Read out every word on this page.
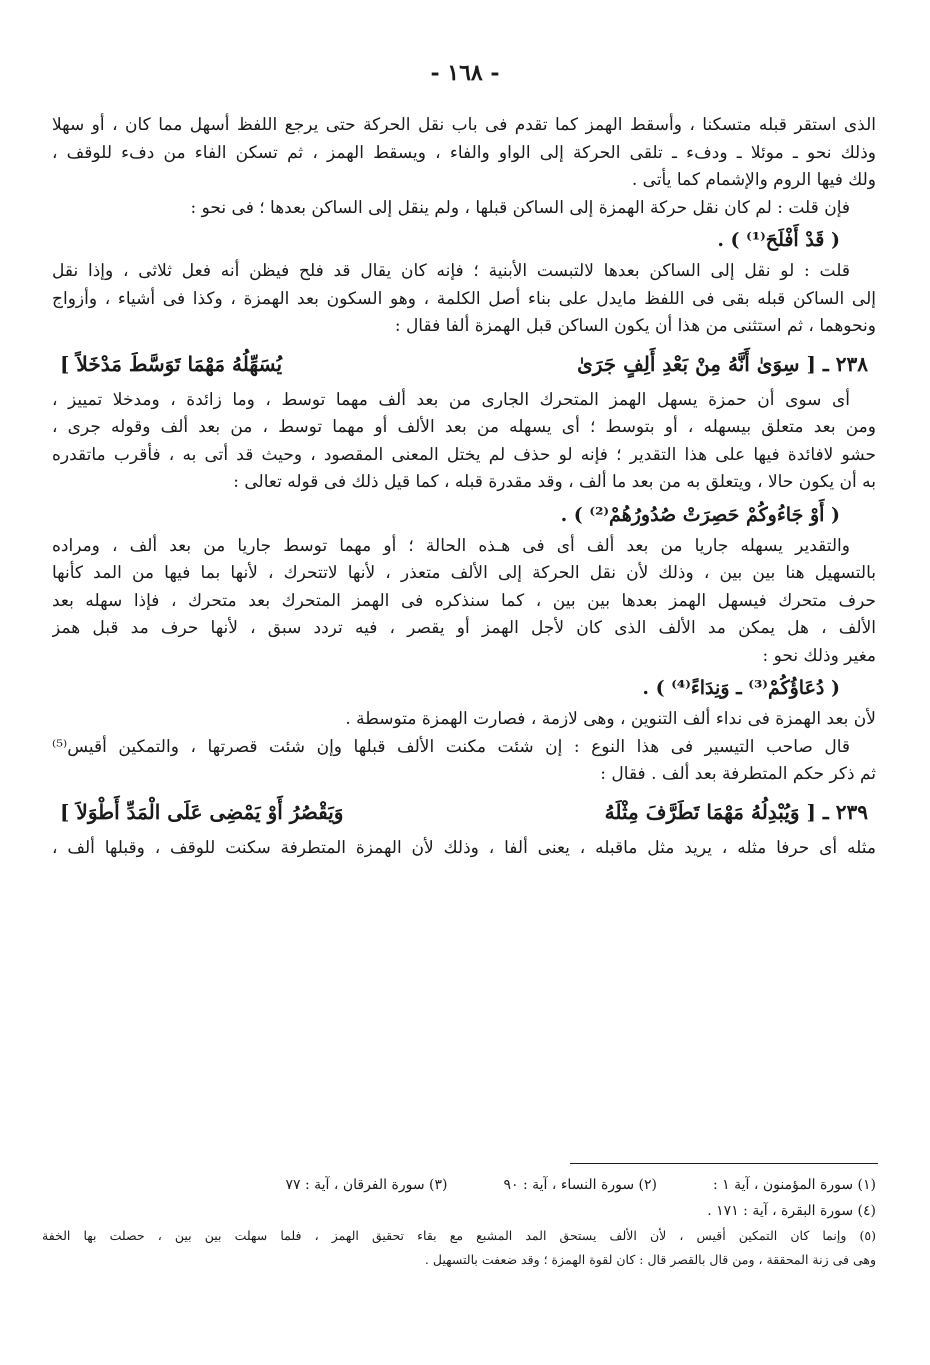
- ١٦٨ -
الذى استقر قبله متسكنا ، وأسقط الهمز كما تقدم فى باب نقل الحركة حتى يرجع اللفظ أسهل مما كان ، أو سهلا
وذلك نحو ـ موئلا ـ ودفء ـ تلقى الحركة إلى الواو والفاء ، ويسقط الهمز ، ثم تسكن الفاء من دفء للوقف ،
ولك فيها الروم والإشمام كما يأتى .
فإن قلت : لم كان نقل حركة الهمزة إلى الساكن قبلها ، ولم ينقل إلى الساكن بعدها ؛ فى نحو :
( قَدْ أَفْلَحَ⁽¹⁾ ) .
قلت : لو نقل إلى الساكن بعدها لالتبست الأبنية ؛ فإنه كان يقال قد فلح فيظن أنه فعل ثلاثى ، وإذا نقل
إلى الساكن قبله بقى فى اللفظ مايدل على بناء أصل الكلمة ، وهو السكون بعد الهمزة ، وكذا فى أشياء ، وأزواج
ونحوهما ، ثم استثنى من هذا أن يكون الساكن قبل الهمزة ألفا فقال :
٢٣٨ ـ [ سِوَىٰ أَنَّهُ مِنْ بَعْدِ أَلِفٍ جَرَىٰ
يُسَهِّلُهُ مَهْمَا تَوَسَّطَ مَدْخَلاً ]
أى سوى أن حمزة يسهل الهمز المتحرك الجارى من بعد ألف مهما توسط ، وما زائدة ، ومدخلا تمييز ،
ومن بعد متعلق بيسهله ، أو بتوسط ؛ أى يسهله من بعد الألف أو مهما توسط ، من بعد ألف وقوله جرى ،
حشو لافائدة فيها على هذا التقدير ؛ فإنه لو حذف لم يختل المعنى المقصود ، وحيث قد أتى به ، فأقرب ماتقدره
به أن يكون حالا ، ويتعلق به من بعد ما ألف ، وقد مقدرة قبله ، كما قيل ذلك فى قوله تعالى :
( أَوْ جَاءُوكُمْ حَصِرَتْ صُدُورُهُمْ⁽²⁾ ) .
والتقدير يسهله جاريا من بعد ألف أى فى هـذه الحالة ؛ أو مهما توسط جاريا من بعد ألف ، ومراده
بالتسهيل هنا بين بين ، وذلك لأن نقل الحركة إلى الألف متعذر ، لأنها لاتتحرك ، لأنها بما فيها من المد كأنها
حرف متحرك فيسهل الهمز بعدها بين بين ، كما سنذكره فى الهمز المتحرك بعد متحرك ، فإذا سهله بعد
الألف ، هل يمكن مد الألف الذى كان لأجل الهمز أو يقصر ، فيه تردد سبق ، لأنها حرف مد قبل همز
مغير وذلك نحو :
( دُعَاؤُكُمْ⁽³⁾ ـ وَنِدَاءً⁽⁴⁾ ) .
لأن بعد الهمزة فى نداء ألف التنوين ، وهى لازمة ، فصارت الهمزة متوسطة .
قال صاحب التيسير فى هذا النوع : إن شئت مكنت الألف قبلها وإن شئت قصرتها ، والتمكين أقيس⁽⁵⁾
ثم ذكر حكم المتطرفة بعد ألف . فقال :
٢٣٩ ـ [ وَيُبْدِلُهُ مَهْمَا تَطَرَّفَ مِثْلَهُ
وَيَقْصُرُ أَوْ يَمْضِى عَلَى الْمَدِّ أَطْوَلاَ ]
مثله أى حرفا مثله ، يريد مثل ماقبله ، يعنى ألفا ، وذلك لأن الهمزة المتطرفة سكنت للوقف ، وقبلها ألف ،
(١) سورة المؤمنون ، آية ١ :
(٢) سورة النساء ، آية : ٩٠
(٣) سورة الفرقان ، آية : ٧٧
(٤) سورة البقرة ، آية : ١٧١ .
(٥) وإنما كان التمكين أقيس ، لأن الألف يستحق المد المشبع مع بقاء تحقيق الهمز ، فلما سهلت بين بين ، حصلت بها الخفة
وهى فى زنة المحققة ، ومن قال بالقصر قال : كان لقوة الهمزة ؛ وقد ضعفت بالتسهيل .
